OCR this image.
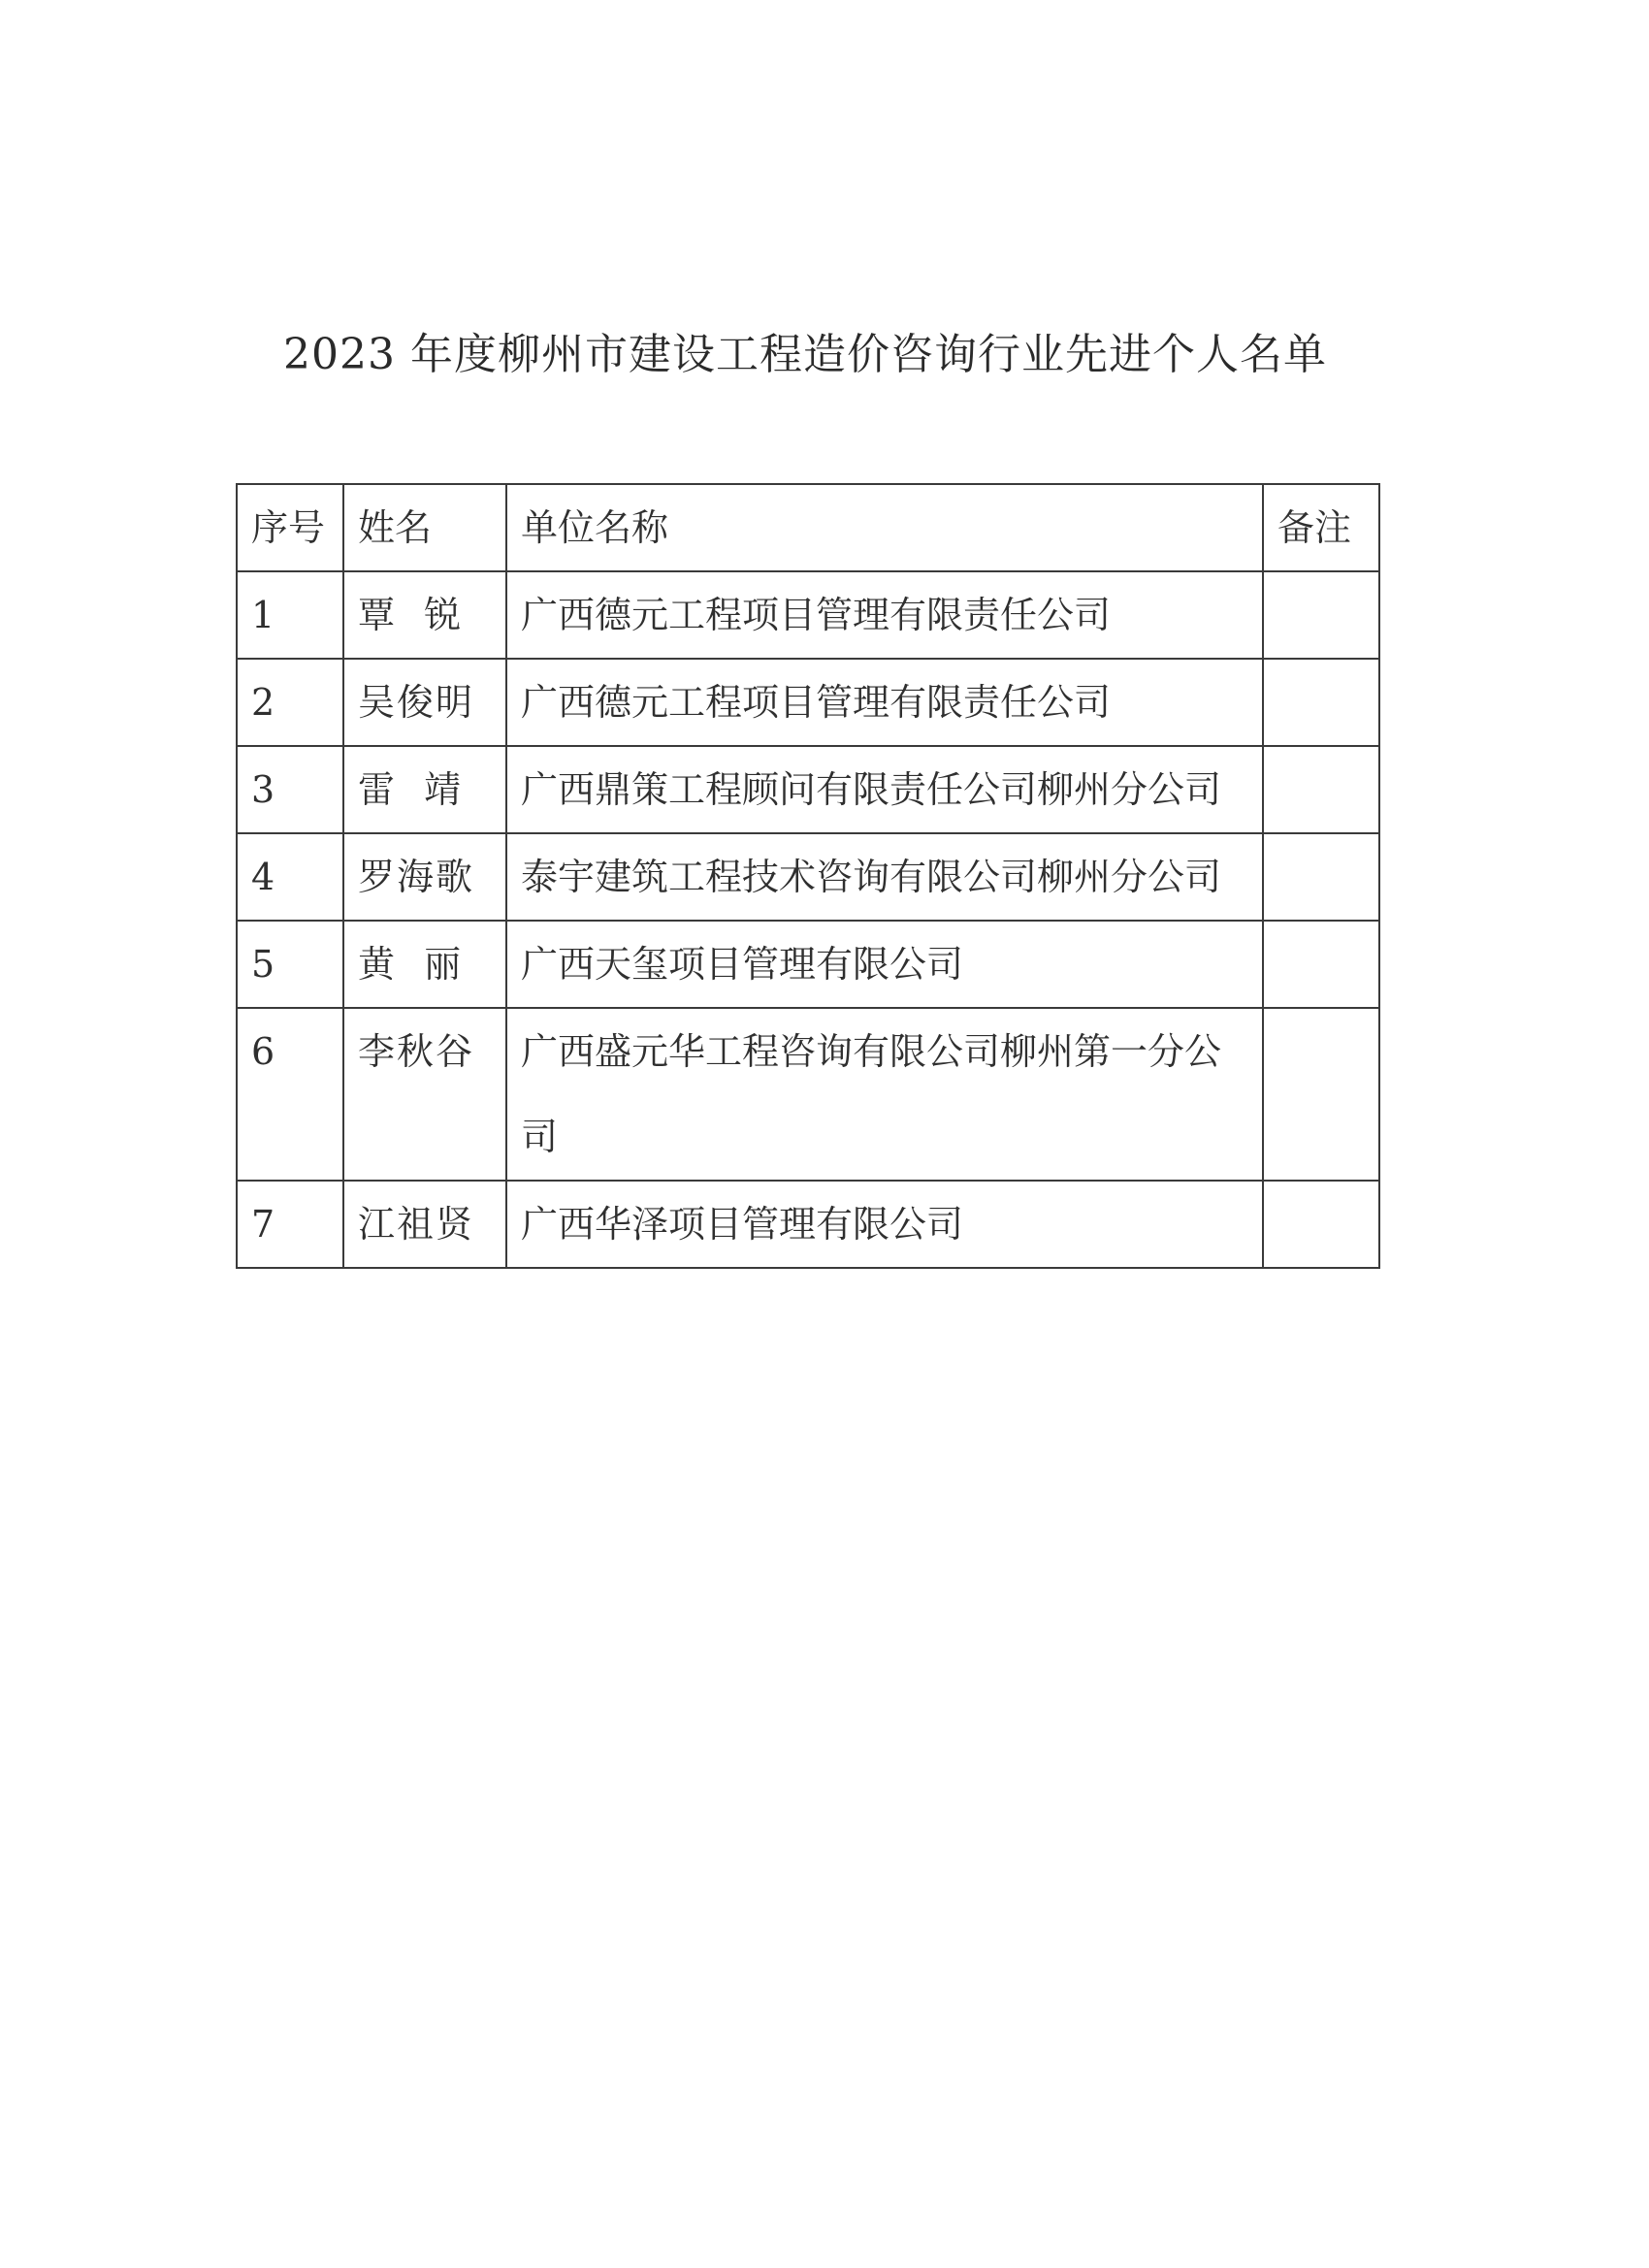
2023 年度柳州市建设工程造价咨询行业先进个人名单
序号	姓名	单位名称	备注
1	覃  锐	广西德元工程项目管理有限责任公司	
2	吴俊明	广西德元工程项目管理有限责任公司	
3	雷  靖	广西鼎策工程顾问有限责任公司柳州分公司	
4	罗海歌	泰宇建筑工程技术咨询有限公司柳州分公司	
5	黄  丽	广西天玺项目管理有限公司	
6	李秋谷	广西盛元华工程咨询有限公司柳州第一分公司	
7	江祖贤	广西华泽项目管理有限公司	
